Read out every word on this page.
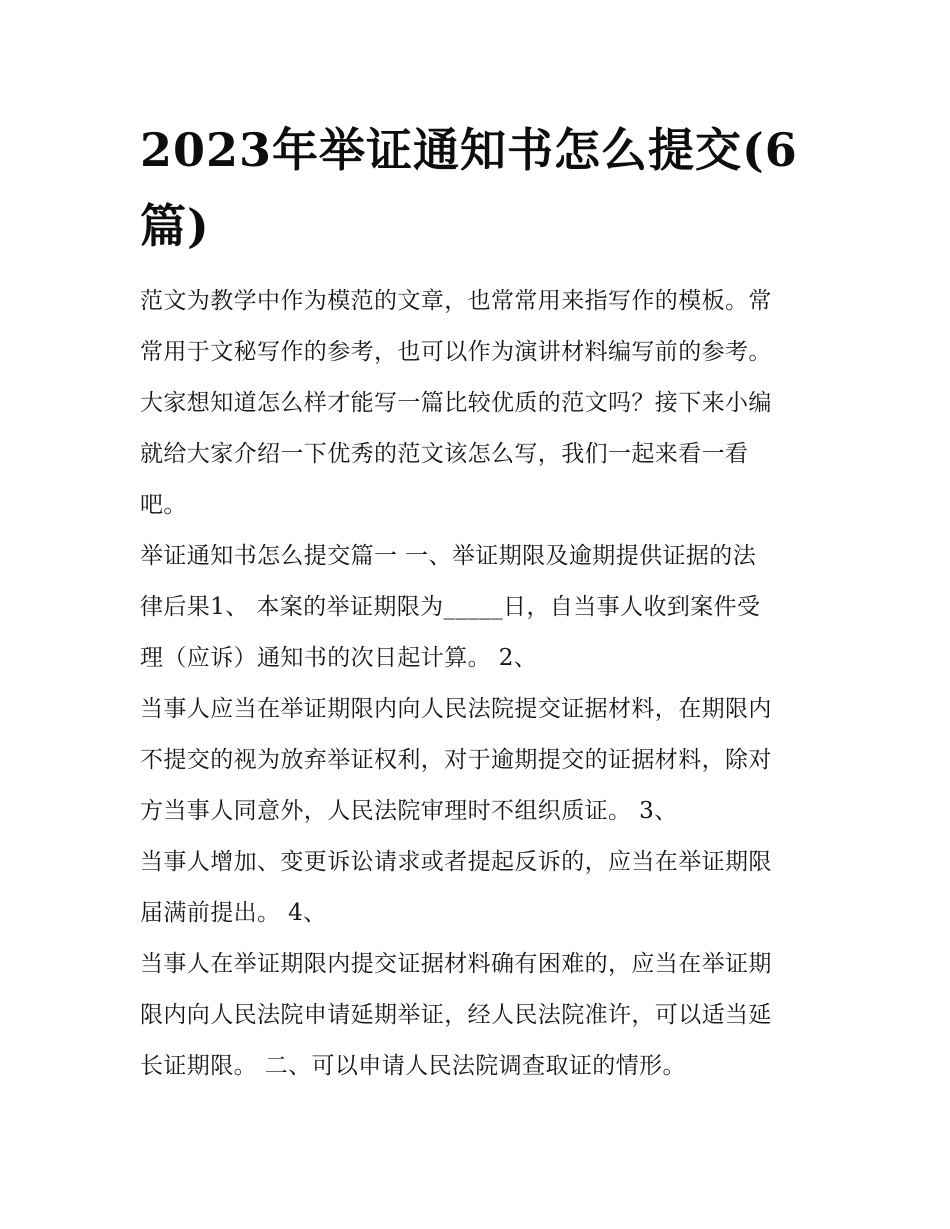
2023年举证通知书怎么提交(6篇)
范文为教学中作为模范的文章，也常常用来指写作的模板。常
常用于文秘写作的参考，也可以作为演讲材料编写前的参考。
大家想知道怎么样才能写一篇比较优质的范文吗？接下来小编
就给大家介绍一下优秀的范文该怎么写，我们一起来看一看
吧。
举证通知书怎么提交篇一 一、举证期限及逾期提供证据的法
律后果1、 本案的举证期限为_____日，自当事人收到案件受
理（应诉）通知书的次日起计算。 2、
当事人应当在举证期限内向人民法院提交证据材料，在期限内
不提交的视为放弃举证权利，对于逾期提交的证据材料，除对
方当事人同意外，人民法院审理时不组织质证。 3、
当事人增加、变更诉讼请求或者提起反诉的，应当在举证期限
届满前提出。 4、
当事人在举证期限内提交证据材料确有困难的，应当在举证期
限内向人民法院申请延期举证，经人民法院准许，可以适当延
长证期限。 二、可以申请人民法院调查取证的情形。
